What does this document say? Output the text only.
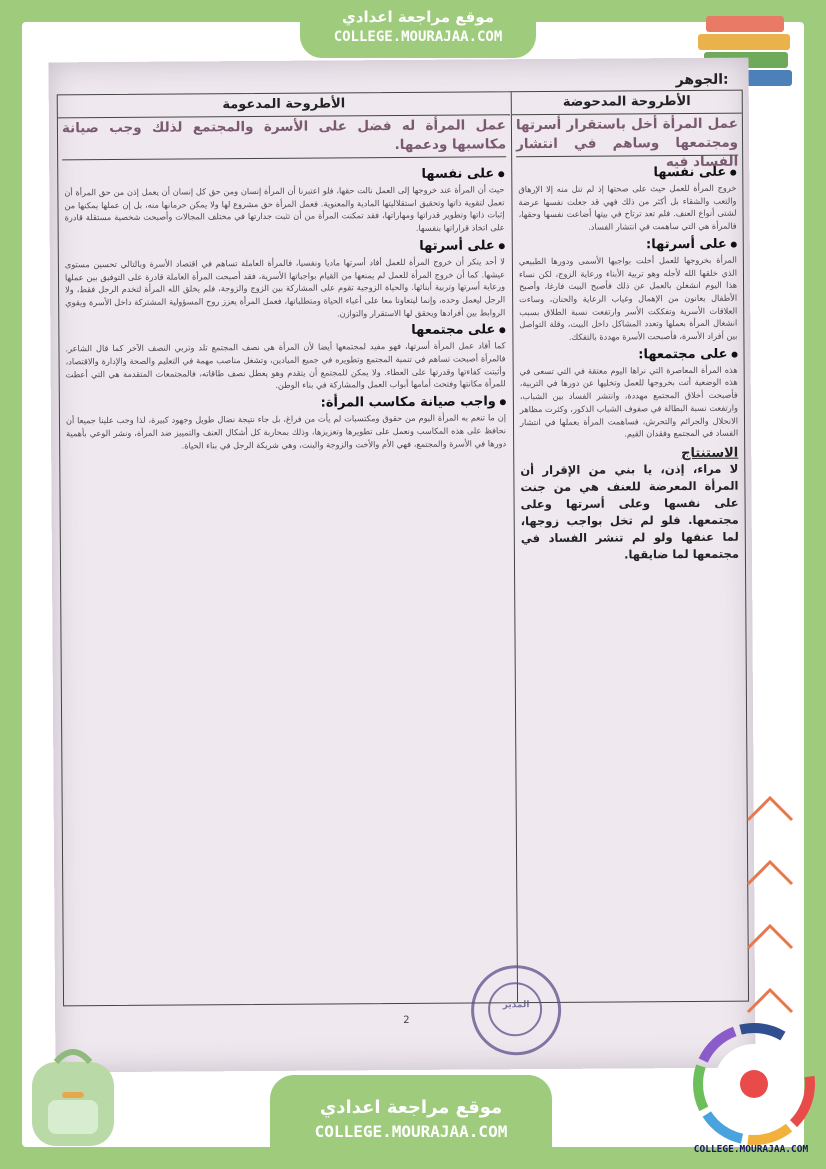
موقع مراجعة اعدادي
COLLEGE.MOURAJAA.COM
:الجوهر
الأطروحة المدحوضة
عمل المرأة أخل باستقرار أسرتها ومجتمعها وساهم في انتشار الفساد فيه
على نفسها
خروج المرأة للعمل حيث على صحتها إذ لم تنل منه إلا الإرهاق والتعب والشقاء بل أكثر من ذلك فهي قد جعلت نفسها عرضة لشتى أنواع العنف. فلم تعد ترتاح في بيتها أضاعت نفسها وحقها، فالمرأة هي التي ساهمت في انتشار الفساد.
على أسرتها:
المرأة بخروجها للعمل أخلت بواجبها الأسمى ودورها الطبيعي الذي خلقها الله لأجله وهو تربية الأبناء ورعاية الزوج، لكن نساء هذا اليوم انشغلن بالعمل عن ذلك فأصبح البيت فارغا، وأصبح الأطفال يعانون من الإهمال وغياب الرعاية والحنان، وساءت العلاقات الأسرية وتفككت الأسر وارتفعت نسبة الطلاق بسبب انشغال المرأة بعملها وتعدد المشاكل داخل البيت، وقلة التواصل بين أفراد الأسرة، فأصبحت الأسرة مهددة بالتفكك.
على مجتمعها:
هذه المرأة المعاصرة التي نراها اليوم معتقة في التي تسعى في هذه الوضعية أتت بخروجها للعمل وتخليها عن دورها في التربية، فأصبحت أخلاق المجتمع مهددة، وانتشر الفساد بين الشباب، وارتفعت نسبة البطالة في صفوف الشباب الذكور، وكثرت مظاهر الانحلال والجرائم والتحرش، فساهمت المرأة بعملها في انتشار الفساد في المجتمع وفقدان القيم.
الاستنتاج
لا مراء، إذن، يا بني من الإقرار أن المرأة المعرضة للعنف هي من جنت على نفسها وعلى أسرتها وعلى مجتمعها. فلو لم تخل بواجب زوجها، لما عنفها ولو لم تنشر الفساد في مجتمعها لما ضايقها.
الأطروحة المدعومة
عمل المرأة له فضل على الأسرة والمجتمع لذلك وجب صيانة مكاسبها ودعمها.
على نفسها
حيث أن المرأة عند خروجها إلى العمل نالت حقها، فلو اعتبرنا أن المرأة إنسان ومن حق كل إنسان أن يعمل إذن من حق المرأة أن تعمل لتقوية ذاتها وتحقيق استقلاليتها المادية والمعنوية. فعمل المرأة حق مشروع لها ولا يمكن حرمانها منه، بل إن عملها يمكنها من إثبات ذاتها وتطوير قدراتها ومهاراتها، فقد تمكنت المرأة من أن تثبت جدارتها في مختلف المجالات وأصبحت شخصية مستقلة قادرة على اتخاذ قراراتها بنفسها.
على أسرتها
لا أحد ينكر أن خروج المرأة للعمل أفاد أسرتها ماديا ونفسيا، فالمرأة العاملة تساهم في اقتصاد الأسرة وبالتالي تحسين مستوى عيشها. كما أن خروج المرأة للعمل لم يمنعها من القيام بواجباتها الأسرية، فقد أصبحت المرأة العاملة قادرة على التوفيق بين عملها ورعاية أسرتها وتربية أبنائها. والحياة الزوجية تقوم على المشاركة بين الزوج والزوجة، فلم يخلق الله المرأة لتخدم الرجل فقط، ولا الرجل ليعمل وحده، وإنما ليتعاونا معا على أعباء الحياة ومتطلباتها، فعمل المرأة يعزز روح المسؤولية المشتركة داخل الأسرة ويقوي الروابط بين أفرادها ويحقق لها الاستقرار والتوازن.
على مجتمعها
كما أفاد عمل المرأة أسرتها، فهو مفيد لمجتمعها أيضا لأن المرأة هي نصف المجتمع تلد وتربي النصف الآخر كما قال الشاعر. فالمرأة أصبحت تساهم في تنمية المجتمع وتطويره في جميع الميادين، وتشغل مناصب مهمة في التعليم والصحة والإدارة والاقتصاد، وأثبتت كفاءتها وقدرتها على العطاء. ولا يمكن للمجتمع أن يتقدم وهو يعطل نصف طاقاته، فالمجتمعات المتقدمة هي التي أعطت للمرأة مكانتها وفتحت أمامها أبواب العمل والمشاركة في بناء الوطن.
واجب صيانة مكاسب المرأة:
إن ما تنعم به المرأة اليوم من حقوق ومكتسبات لم يأت من فراغ، بل جاء نتيجة نضال طويل وجهود كبيرة، لذا وجب علينا جميعا أن نحافظ على هذه المكاسب ونعمل على تطويرها وتعزيزها، وذلك بمحاربة كل أشكال العنف والتمييز ضد المرأة، ونشر الوعي بأهمية دورها في الأسرة والمجتمع، فهي الأم والأخت والزوجة والبنت، وهي شريكة الرجل في بناء الحياة.
2
المدير
COLLEGE.MOURAJAA.COM
موقع مراجعة اعدادي
COLLEGE.MOURAJAA.COM
